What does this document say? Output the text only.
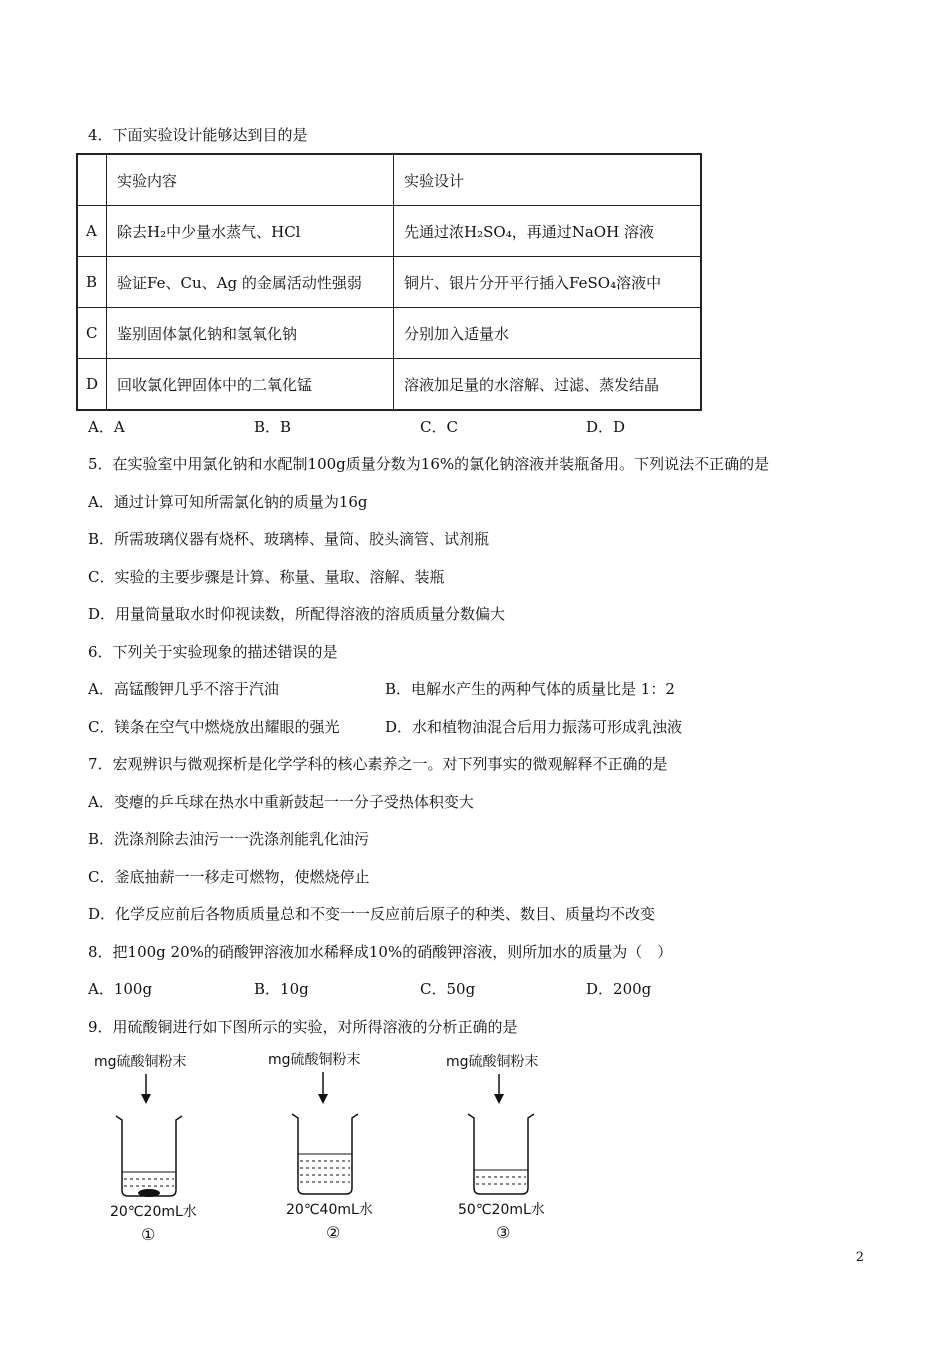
4．下面实验设计能够达到目的是
	实验内容	实验设计
A	除去H₂中少量水蒸气、HCl	先通过浓H₂SO₄，再通过NaOH 溶液
B	验证Fe、Cu、Ag 的金属活动性强弱	铜片、银片分开平行插入FeSO₄溶液中
C	鉴别固体氯化钠和氢氧化钠	分别加入适量水
D	回收氯化钾固体中的二氧化锰	溶液加足量的水溶解、过滤、蒸发结晶
A．A	B．B	C．C	D．D
5．在实验室中用氯化钠和水配制100g质量分数为16%的氯化钠溶液并装瓶备用。下列说法不正确的是
A．通过计算可知所需氯化钠的质量为16g
B．所需玻璃仪器有烧杯、玻璃棒、量筒、胶头滴管、试剂瓶
C．实验的主要步骤是计算、称量、量取、溶解、装瓶
D．用量筒量取水时仰视读数，所配得溶液的溶质质量分数偏大
6．下列关于实验现象的描述错误的是
A．高锰酸钾几乎不溶于汽油	B．电解水产生的两种气体的质量比是 1：2
C．镁条在空气中燃烧放出耀眼的强光	D．水和植物油混合后用力振荡可形成乳浊液
7．宏观辨识与微观探析是化学学科的核心素养之一。对下列事实的微观解释不正确的是
A．变瘪的乒乓球在热水中重新鼓起一一分子受热体积变大
B．洗涤剂除去油污一一洗涤剂能乳化油污
C．釜底抽薪一一移走可燃物，使燃烧停止
D．化学反应前后各物质质量总和不变一一反应前后原子的种类、数目、质量均不改变
8．把100g 20%的硝酸钾溶液加水稀释成10%的硝酸钾溶液，则所加水的质量为（　）
A．100g	B．10g	C．50g	D．200g
9．用硫酸铜进行如下图所示的实验，对所得溶液的分析正确的是
mg硫酸铜粉末
20℃20mL水
①
mg硫酸铜粉末
20℃40mL水
②
mg硫酸铜粉末
50℃20mL水
③
2
